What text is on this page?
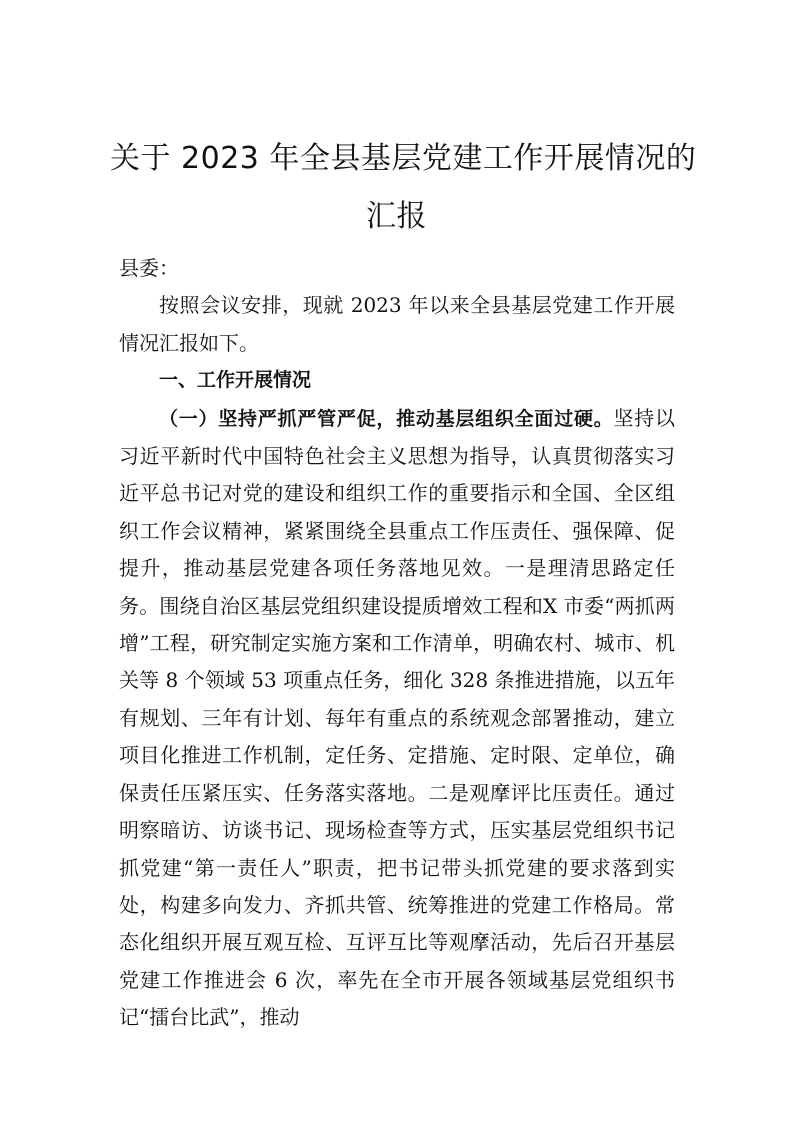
关于 2023 年全县基层党建工作开展情况的
汇报

县委：

按照会议安排，现就 2023 年以来全县基层党建工作开展情况汇报如下。

一、工作开展情况

（一）坚持严抓严管严促，推动基层组织全面过硬。坚持以习近平新时代中国特色社会主义思想为指导，认真贯彻落实习近平总书记对党的建设和组织工作的重要指示和全国、全区组织工作会议精神，紧紧围绕全县重点工作压责任、强保障、促提升，推动基层党建各项任务落地见效。一是理清思路定任务。围绕自治区基层党组织建设提质增效工程和X 市委“两抓两增”工程，研究制定实施方案和工作清单，明确农村、城市、机关等 8 个领域 53 项重点任务，细化 328 条推进措施，以五年有规划、三年有计划、每年有重点的系统观念部署推动，建立项目化推进工作机制，定任务、定措施、定时限、定单位，确保责任压紧压实、任务落实落地。二是观摩评比压责任。通过明察暗访、访谈书记、现场检查等方式，压实基层党组织书记抓党建“第一责任人”职责，把书记带头抓党建的要求落到实处，构建多向发力、齐抓共管、统筹推进的党建工作格局。常态化组织开展互观互检、互评互比等观摩活动，先后召开基层党建工作推进会 6 次，率先在全市开展各领域基层党组织书记“擂台比武”，推动
